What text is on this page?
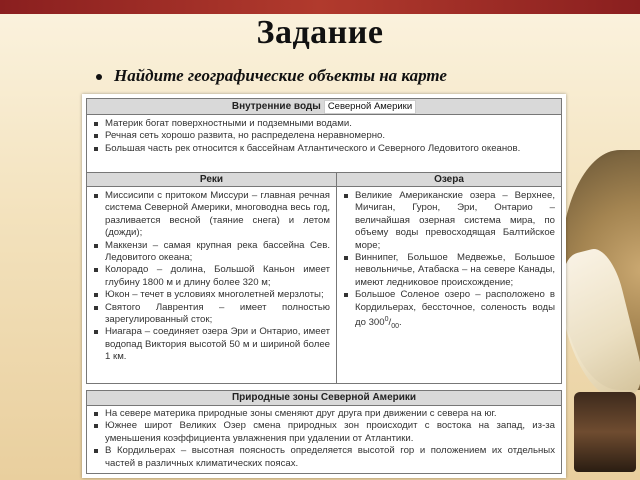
Задание
Найдите географические объекты на карте
Внутренние воды Северной Америки
Материк богат поверхностными и подземными водами.
Речная сеть хорошо развита, но распределена неравномерно.
Большая часть рек относится к бассейнам Атлантического и Северного Ледовитого океанов.
Реки	Озера
Миссисипи с притоком Миссури – главная речная система Северной Америки, многоводна весь год, разливается весной (таяние снега) и летом (дожди);
Маккензи – самая крупная река бассейна Сев. Ледовитого океана;
Колорадо – долина, Большой Каньон имеет глубину 1800 м и длину более 320 м;
Юкон – течет в условиях многолетней мерзлоты;
Святого Лаврентия – имеет полностью зарегулированный сток;
Ниагара – соединяет озера Эри и Онтарио, имеет водопад Виктория высотой 50 м и шириной более 1 км.
Великие Американские озера – Верхнее, Мичиган, Гурон, Эри, Онтарио – величайшая озерная система мира, по объему воды превосходящая Балтийское море;
Виннипег, Большое Медвежье, Большое невольничье, Атабаска – на севере Канады, имеют ледниковое происхождение;
Большое Соленое озеро – расположено в Кордильерах, бессточное, соленость воды до $300^0/_{00}$.
Природные зоны Северной Америки
На севере материка природные зоны сменяют друг друга при движении с севера на юг.
Южнее широт Великих Озер смена природных зон происходит с востока на запад, из-за уменьшения коэффициента увлажнения при удалении от Атлантики.
В Кордильерах – высотная поясность определяется высотой гор и положением их отдельных частей в различных климатических поясах.
